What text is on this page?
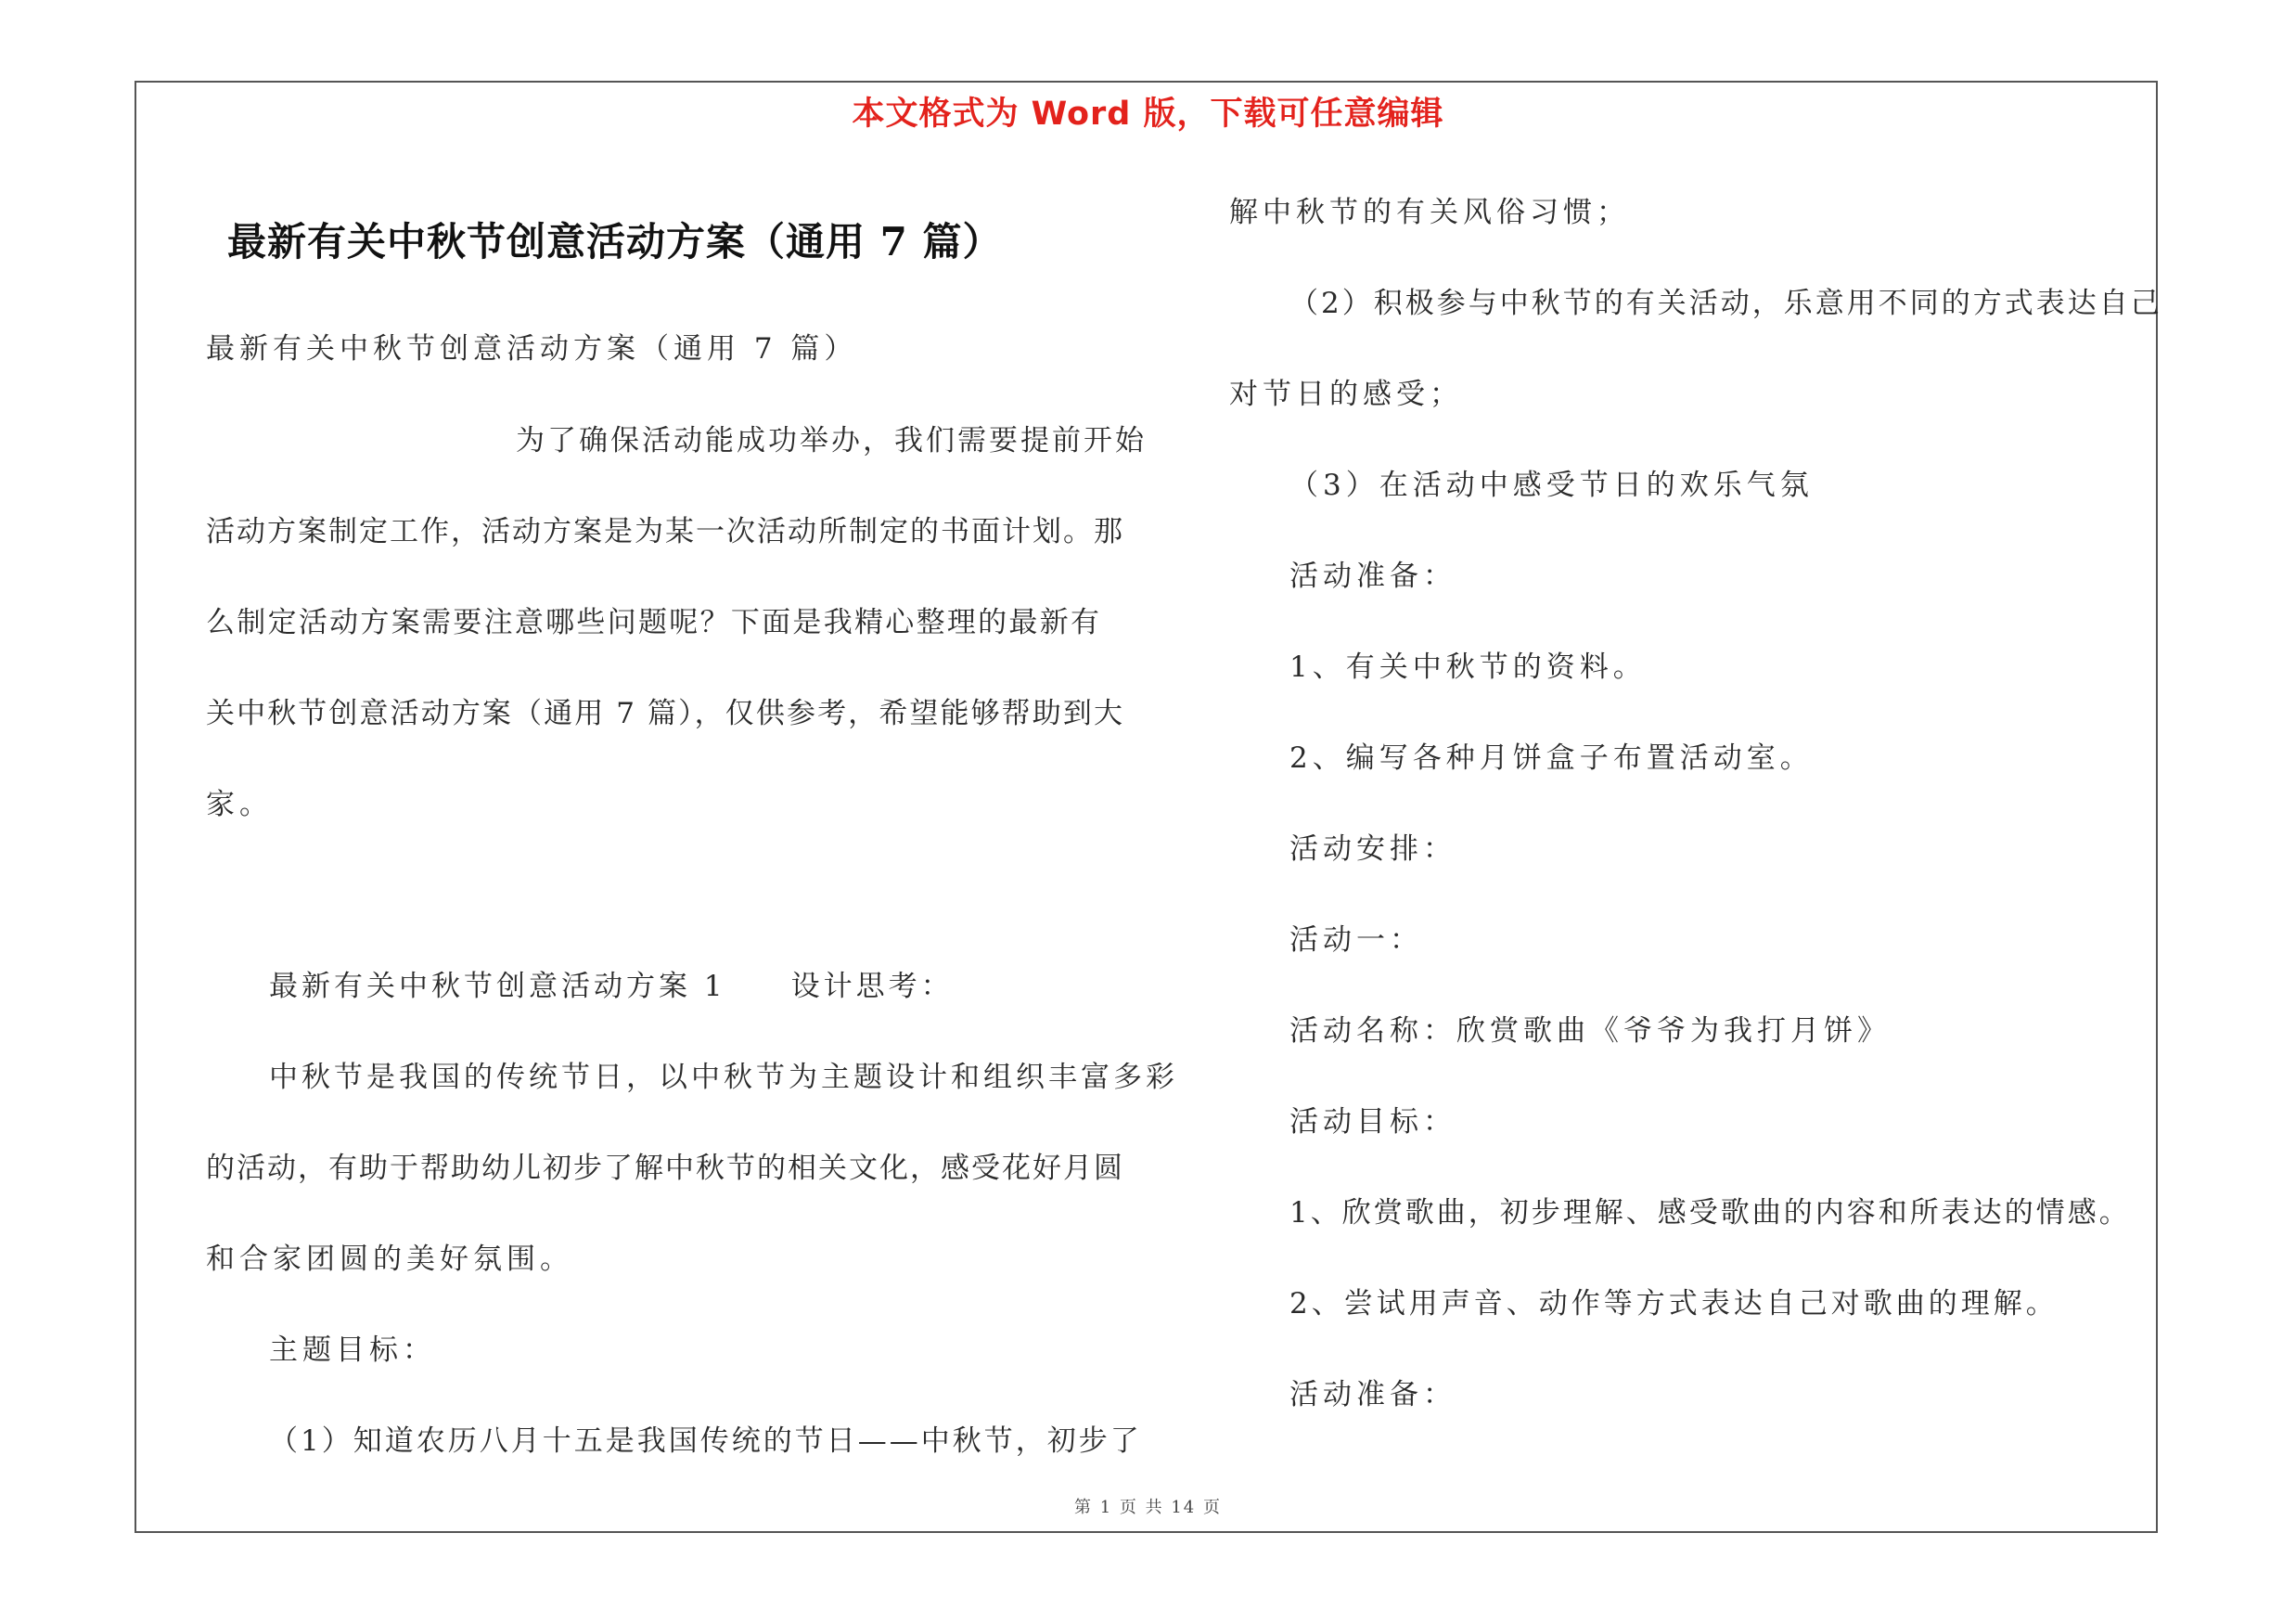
本文格式为 Word 版，下载可任意编辑
最新有关中秋节创意活动方案（通用 7 篇）
最新有关中秋节创意活动方案（通用 7 篇）
为了确保活动能成功举办，我们需要提前开始
活动方案制定工作，活动方案是为某一次活动所制定的书面计划。那
么制定活动方案需要注意哪些问题呢？下面是我精心整理的最新有
关中秋节创意活动方案（通用 7 篇），仅供参考，希望能够帮助到大
家。
最新有关中秋节创意活动方案 1　　设计思考：
中秋节是我国的传统节日，以中秋节为主题设计和组织丰富多彩
的活动，有助于帮助幼儿初步了解中秋节的相关文化，感受花好月圆
和合家团圆的美好氛围。
主题目标：
（1）知道农历八月十五是我国传统的节日——中秋节，初步了
解中秋节的有关风俗习惯；
（2）积极参与中秋节的有关活动，乐意用不同的方式表达自己
对节日的感受；
（3）在活动中感受节日的欢乐气氛
活动准备：
1、有关中秋节的资料。
2、编写各种月饼盒子布置活动室。
活动安排：
活动一：
活动名称：欣赏歌曲《爷爷为我打月饼》
活动目标：
1、欣赏歌曲，初步理解、感受歌曲的内容和所表达的情感。
2、尝试用声音、动作等方式表达自己对歌曲的理解。
活动准备：
第 1 页 共 14 页
